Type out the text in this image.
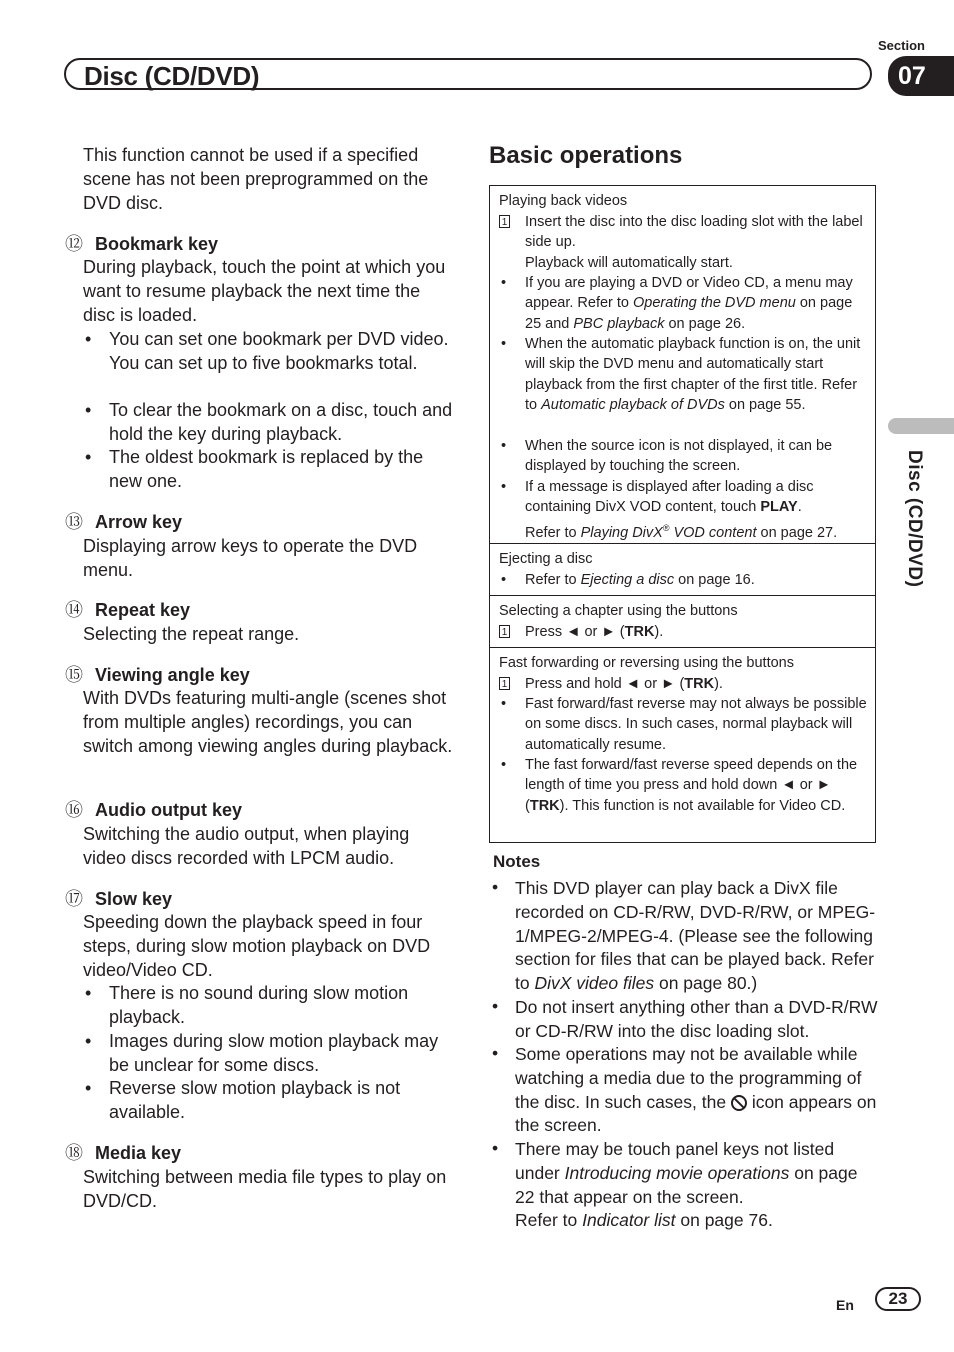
Section
Disc (CD/DVD)	07
Disc (CD/DVD)
This function cannot be used if a specified scene has not been preprogrammed on the DVD disc.
⑫ Bookmark key
During playback, touch the point at which you want to resume playback the next time the disc is loaded.
• You can set one bookmark per DVD video. You can set up to five bookmarks total.
• To clear the bookmark on a disc, touch and hold the key during playback.
• The oldest bookmark is replaced by the new one.
⑬ Arrow key
Displaying arrow keys to operate the DVD menu.
⑭ Repeat key
Selecting the repeat range.
⑮ Viewing angle key
With DVDs featuring multi-angle (scenes shot from multiple angles) recordings, you can switch among viewing angles during playback.
⑯ Audio output key
Switching the audio output, when playing video discs recorded with LPCM audio.
⑰ Slow key
Speeding down the playback speed in four steps, during slow motion playback on DVD video/Video CD.
• There is no sound during slow motion playback.
• Images during slow motion playback may be unclear for some discs.
• Reverse slow motion playback is not available.
⑱ Media key
Switching between media file types to play on DVD/CD.
Basic operations
Playing back videos
1 Insert the disc into the disc loading slot with the label side up.
Playback will automatically start.
• If you are playing a DVD or Video CD, a menu may appear. Refer to Operating the DVD menu on page 25 and PBC playback on page 26.
• When the automatic playback function is on, the unit will skip the DVD menu and automatically start playback from the first chapter of the first title. Refer to Automatic playback of DVDs on page 55.
• When the source icon is not displayed, it can be displayed by touching the screen.
• If a message is displayed after loading a disc containing DivX VOD content, touch PLAY.
Refer to Playing DivX® VOD content on page 27.
Ejecting a disc
• Refer to Ejecting a disc on page 16.
Selecting a chapter using the buttons
1 Press ◄ or ► (TRK).
Fast forwarding or reversing using the buttons
1 Press and hold ◄ or ► (TRK).
• Fast forward/fast reverse may not always be possible on some discs. In such cases, normal playback will automatically resume.
• The fast forward/fast reverse speed depends on the length of time you press and hold down ◄ or ► (TRK). This function is not available for Video CD.
Notes
• This DVD player can play back a DivX file recorded on CD-R/RW, DVD-R/RW, or MPEG-1/MPEG-2/MPEG-4. (Please see the following section for files that can be played back. Refer to DivX video files on page 80.)
• Do not insert anything other than a DVD-R/RW or CD-R/RW into the disc loading slot.
• Some operations may not be available while watching a media due to the programming of the disc. In such cases, the  icon appears on the screen.
• There may be touch panel keys not listed under Introducing movie operations on page 22 that appear on the screen.
Refer to Indicator list on page 76.
En	23
